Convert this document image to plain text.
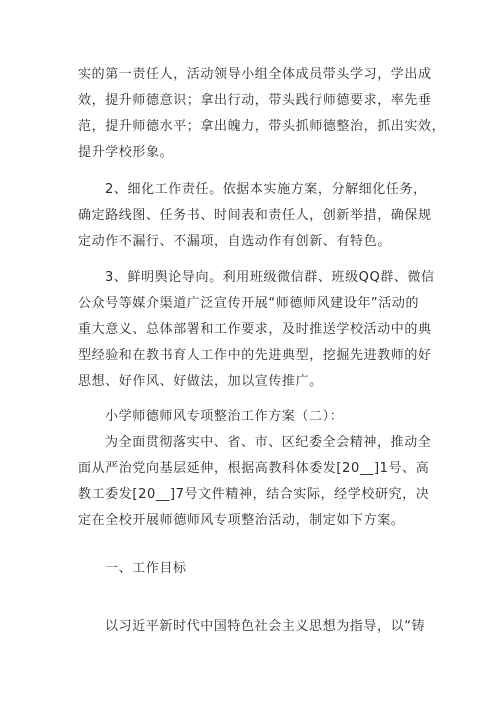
实的第一责任人，活动领导小组全体成员带头学习，学出成
效，提升师德意识；拿出行动，带头践行师德要求，率先垂
范，提升师德水平；拿出魄力，带头抓师德整治，抓出实效，
提升学校形象。
2、细化工作责任。依据本实施方案，分解细化任务，
确定路线图、任务书、时间表和责任人，创新举措，确保规
定动作不漏行、不漏项，自选动作有创新、有特色。
3、鲜明舆论导向。利用班级微信群、班级QQ群、微信
公众号等媒介渠道广泛宣传开展“师德师风建设年”活动的
重大意义、总体部署和工作要求，及时推送学校活动中的典
型经验和在教书育人工作中的先进典型，挖掘先进教师的好
思想、好作风、好做法，加以宣传推广。
小学师德师风专项整治工作方案（二）：
为全面贯彻落实中、省、市、区纪委全会精神，推动全
面从严治党向基层延伸，根据高教科体委发[20__]1号、高
教工委发[20__]7号文件精神，结合实际，经学校研究，决
定在全校开展师德师风专项整治活动，制定如下方案。
一、工作目标
以习近平新时代中国特色社会主义思想为指导，以“铸
